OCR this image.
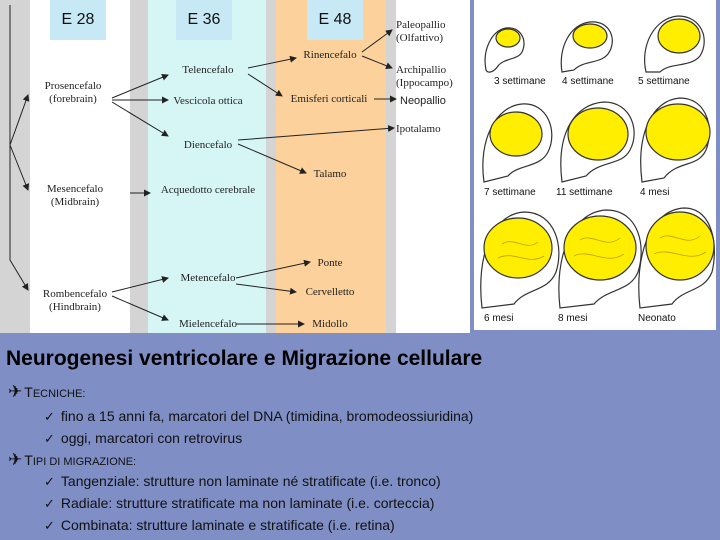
E 28	E 36	E 48
Prosencefalo
(forebrain)
Mesencefalo
(Midbrain)
Rombencefalo
(Hindbrain)
Telencefalo
Vescicola ottica
Diencefalo
Acquedotto cerebrale
Metencefalo
Mielencefalo
Rinencefalo
Emisferi corticali
Talamo
Ponte
Cervelletto
Midollo
Paleopallio
(Olfattivo)
Archipallio
(Ippocampo)
Neopallio
Ipotalamo
3 settimane 4 settimane 5 settimane
7 settimane 11 settimane	4 mesi
6 mesi	8 mesi	Neonato
Neurogenesi ventricolare e Migrazione cellulare
✈ TECNICHE:
✓ fino a 15 anni fa, marcatori del DNA (timidina, bromodeossiuridina)
✓ oggi, marcatori con retrovirus
✈ TIPI DI MIGRAZIONE:
✓ Tangenziale: strutture non laminate né stratificate (i.e. tronco)
✓ Radiale: strutture stratificate ma non laminate (i.e. corteccia)
✓ Combinata: strutture laminate e stratificate (i.e. retina)
